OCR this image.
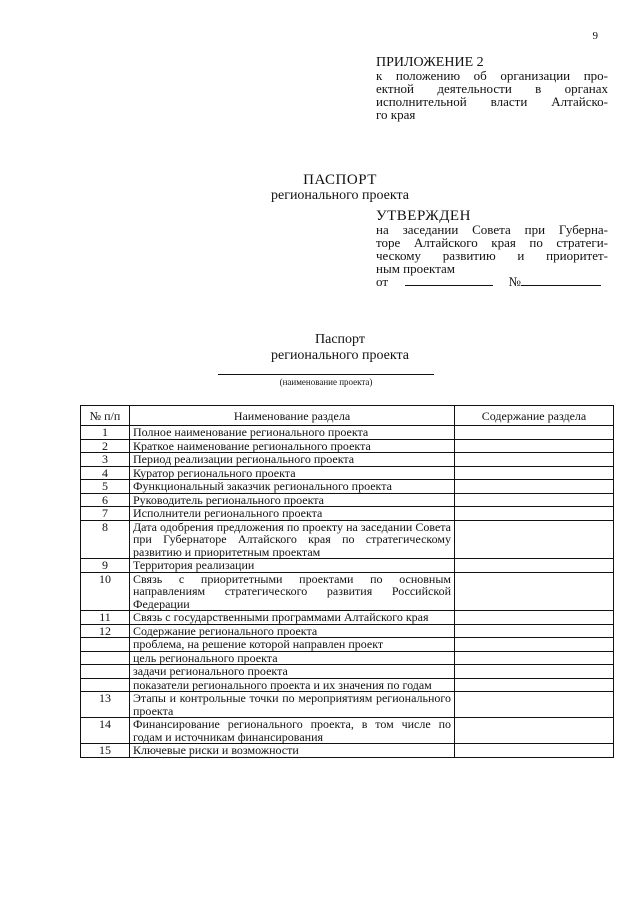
9
ПРИЛОЖЕНИЕ 2
к положению об организации про-
ектной деятельности в органах
исполнительной власти Алтайско-
го края
ПАСПОРТ
регионального проекта
УТВЕРЖДЕН
на заседании Совета при Губерна-
торе Алтайского края по стратеги-
ческому развитию и приоритет-
ным проектам
от	№
Паспорт
регионального проекта
(наименование проекта)
№ п/п	Наименование раздела	Содержание раздела
1	Полное наименование регионального проекта	
2	Краткое наименование регионального проекта	
3	Период реализации регионального проекта	
4	Куратор регионального проекта	
5	Функциональный заказчик регионального проекта	
6	Руководитель регионального проекта	
7	Исполнители регионального проекта	
8	Дата одобрения предложения по проекту на заседании Совета при Губернаторе Алтайского края по стратегическому развитию и приоритетным проектам	
9	Территория реализации	
10	Связь с приоритетными проектами по основным направлениям стратегического развития Российской Федерации	
11	Связь с государственными программами Алтайского края	
12	Содержание регионального проекта	
	проблема, на решение которой направлен проект	
	цель регионального проекта	
	задачи регионального проекта	
	показатели регионального проекта и их значения по годам	
13	Этапы и контрольные точки по мероприятиям регионального проекта	
14	Финансирование регионального проекта, в том числе по годам и источникам финансирования	
15	Ключевые риски и возможности	
